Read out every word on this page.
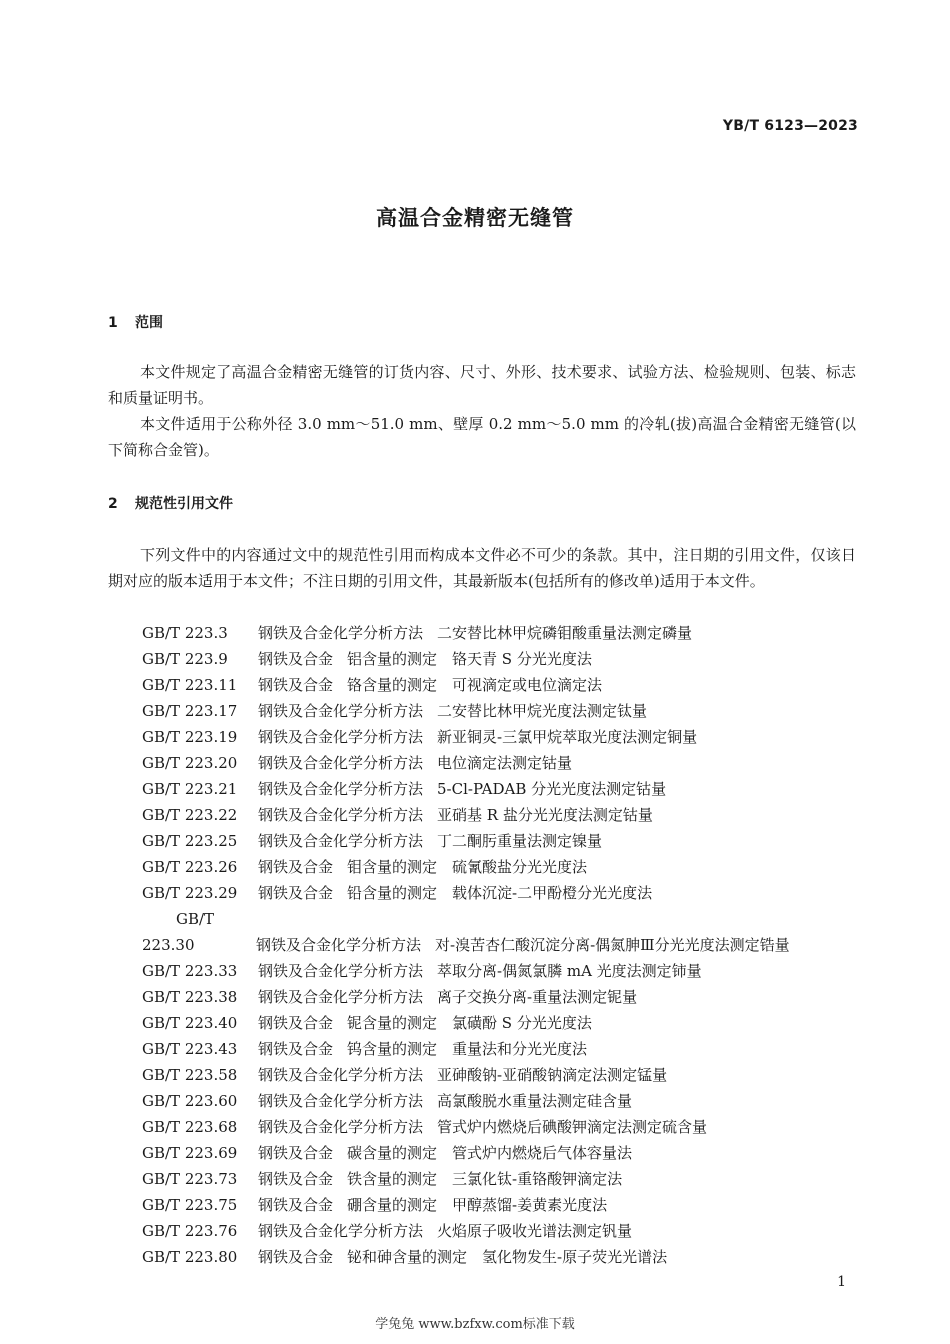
YB/T 6123—2023
高温合金精密无缝管
1 范围

本文件规定了高温合金精密无缝管的订货内容、尺寸、外形、技术要求、试验方法、检验规则、包装、标志和质量证明书。

本文件适用于公称外径 3.0 mm～51.0 mm、壁厚 0.2 mm～5.0 mm 的冷轧(拔)高温合金精密无缝管(以下简称合金管)。

2 规范性引用文件

下列文件中的内容通过文中的规范性引用而构成本文件必不可少的条款。其中，注日期的引用文件，仅该日期对应的版本适用于本文件；不注日期的引用文件，其最新版本(包括所有的修改单)适用于本文件。

GB/T 223.3 钢铁及合金化学分析方法 二安替比林甲烷磷钼酸重量法测定磷量
GB/T 223.9 钢铁及合金 铝含量的测定　铬天青 S 分光光度法
GB/T 223.11 钢铁及合金 铬含量的测定　可视滴定或电位滴定法
GB/T 223.17 钢铁及合金化学分析方法 二安替比林甲烷光度法测定钛量
GB/T 223.19 钢铁及合金化学分析方法 新亚铜灵-三氯甲烷萃取光度法测定铜量
GB/T 223.20 钢铁及合金化学分析方法 电位滴定法测定钴量
GB/T 223.21 钢铁及合金化学分析方法 5-Cl-PADAB 分光光度法测定钴量
GB/T 223.22 钢铁及合金化学分析方法 亚硝基 R 盐分光光度法测定钴量
GB/T 223.25 钢铁及合金化学分析方法 丁二酮肟重量法测定镍量
GB/T 223.26 钢铁及合金 钼含量的测定　硫氰酸盐分光光度法
GB/T 223.29 钢铁及合金 铅含量的测定　载体沉淀-二甲酚橙分光光度法
GB/T 223.30	钢铁及合金化学分析方法 对-溴苦杏仁酸沉淀分离-偶氮胂Ⅲ分光光度法测定锆量
GB/T 223.33 钢铁及合金化学分析方法 萃取分离-偶氮氯膦 mA 光度法测定铈量
GB/T 223.38 钢铁及合金化学分析方法 离子交换分离-重量法测定铌量
GB/T 223.40 钢铁及合金 铌含量的测定　氯磺酚 S 分光光度法
GB/T 223.43 钢铁及合金 钨含量的测定　重量法和分光光度法
GB/T 223.58 钢铁及合金化学分析方法 亚砷酸钠-亚硝酸钠滴定法测定锰量
GB/T 223.60 钢铁及合金化学分析方法 高氯酸脱水重量法测定硅含量
GB/T 223.68 钢铁及合金化学分析方法 管式炉内燃烧后碘酸钾滴定法测定硫含量
GB/T 223.69 钢铁及合金 碳含量的测定　管式炉内燃烧后气体容量法
GB/T 223.73 钢铁及合金 铁含量的测定　三氯化钛-重铬酸钾滴定法
GB/T 223.75 钢铁及合金 硼含量的测定　甲醇蒸馏-姜黄素光度法
GB/T 223.76 钢铁及合金化学分析方法 火焰原子吸收光谱法测定钒量
GB/T 223.80 钢铁及合金 铋和砷含量的测定　氢化物发生-原子荧光光谱法
1
学兔兔 www.bzfxw.com标准下载
